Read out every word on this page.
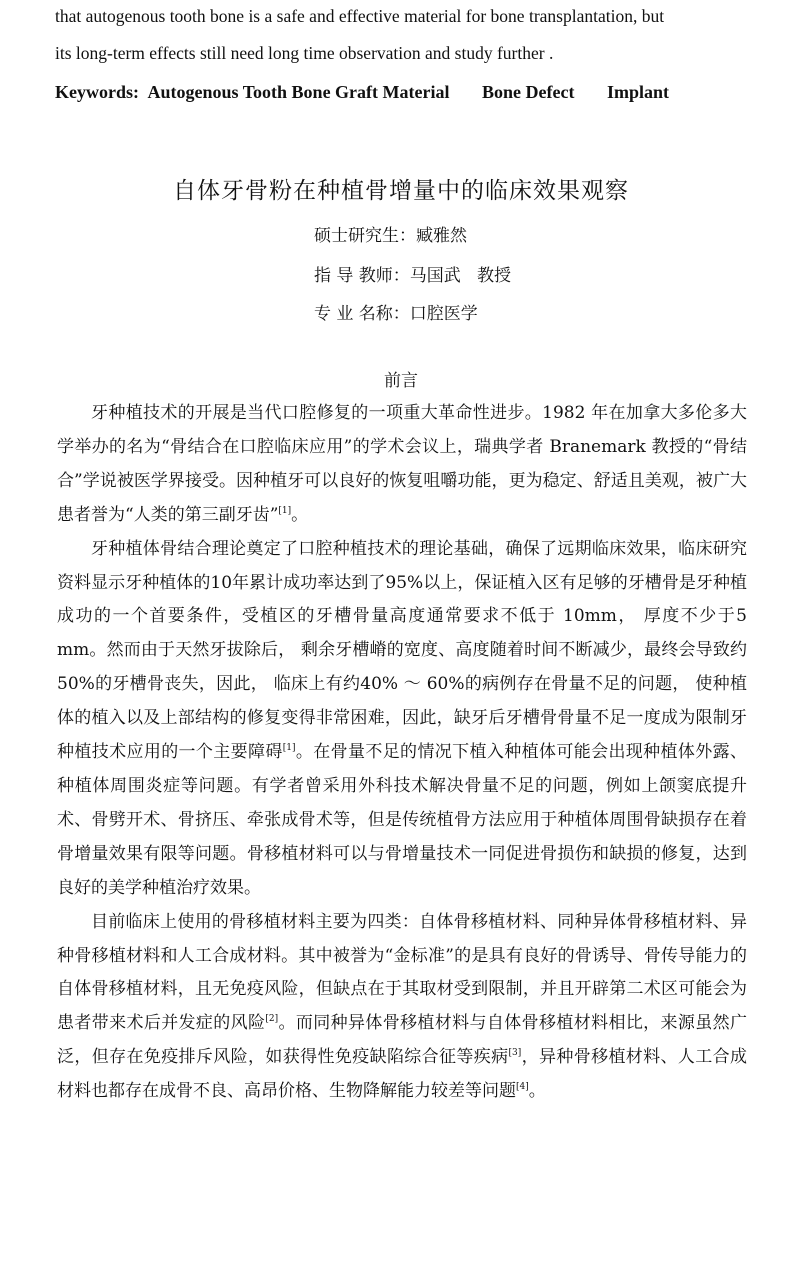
that autogenous tooth bone is a safe and effective material for bone transplantation, but
its long-term effects still need long time observation and study further .
Keywords: Autogenous Tooth Bone Graft Material Bone Defect Implant
自体牙骨粉在种植骨增量中的临床效果观察
硕士研究生：臧雅然
指 导 教师：马国武   教授
专 业 名称：口腔医学
前言

牙种植技术的开展是当代口腔修复的一项重大革命性进步。1982 年在加拿大多伦多大学举办的名为“骨结合在口腔临床应用”的学术会议上，瑞典学者 Branemark 教授的“骨结合”学说被医学界接受。因种植牙可以良好的恢复咀嚼功能，更为稳定、舒适且美观，被广大患者誉为“人类的第三副牙齿”[1]。

牙种植体骨结合理论奠定了口腔种植技术的理论基础，确保了远期临床效果，临床研究资料显示牙种植体的10年累计成功率达到了95%以上，保证植入区有足够的牙槽骨是牙种植成功的一个首要条件，受植区的牙槽骨量高度通常要求不低于 10mm， 厚度不少于5 mm。然而由于天然牙拔除后， 剩余牙槽嵴的宽度、高度随着时间不断减少，最终会导致约50%的牙槽骨丧失，因此， 临床上有约40% ～ 60%的病例存在骨量不足的问题， 使种植体的植入以及上部结构的修复变得非常困难，因此，缺牙后牙槽骨骨量不足一度成为限制牙种植技术应用的一个主要障碍[1]。在骨量不足的情况下植入种植体可能会出现种植体外露、种植体周围炎症等问题。有学者曾采用外科技术解决骨量不足的问题，例如上颌窦底提升术、骨劈开术、骨挤压、牵张成骨术等，但是传统植骨方法应用于种植体周围骨缺损存在着骨增量效果有限等问题。骨移植材料可以与骨增量技术一同促进骨损伤和缺损的修复，达到良好的美学种植治疗效果。

目前临床上使用的骨移植材料主要为四类：自体骨移植材料、同种异体骨移植材料、异种骨移植材料和人工合成材料。其中被誉为“金标准”的是具有良好的骨诱导、骨传导能力的自体骨移植材料，且无免疫风险，但缺点在于其取材受到限制，并且开辟第二术区可能会为患者带来术后并发症的风险[2]。而同种异体骨移植材料与自体骨移植材料相比，来源虽然广泛，但存在免疫排斥风险，如获得性免疫缺陷综合征等疾病[3]，异种骨移植材料、人工合成材料也都存在成骨不良、高昂价格、生物降解能力较差等问题[4]。
